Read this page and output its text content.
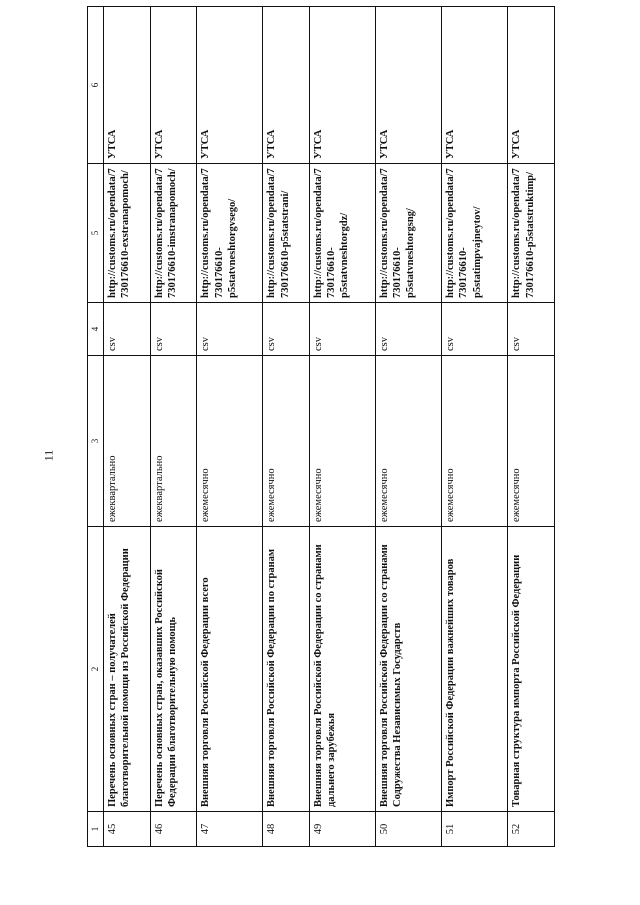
11
1	2	3	4	5	6
45	Перечень основных стран – получателей благотворительной помощи из Российской Федерации	ежеквартально	csv	http://customs.ru/opendata/7730176610-exstranapomoch/	УТСА
46	Перечень основных стран, оказавших Российской Федерации благотворительную помощь	ежеквартально	csv	http://customs.ru/opendata/7730176610-imstranapomoch/	УТСА
47	Внешняя торговля Российской Федерации всего	ежемесячно	csv	http://customs.ru/opendata/7730176610-p5statvneshtorgvsego/	УТСА
48	Внешняя торговля Российской Федерации по странам	ежемесячно	csv	http://customs.ru/opendata/7730176610-p5statstrani/	УТСА
49	Внешняя торговля Российской Федерации со странами дальнего зарубежья	ежемесячно	csv	http://customs.ru/opendata/7730176610-p5statvneshtorgdz/	УТСА
50	Внешняя торговля Российской Федерации со странами Содружества Независимых Государств	ежемесячно	csv	http://customs.ru/opendata/7730176610-p5statvneshtorgsng/	УТСА
51	Импорт Российской Федерации важнейших товаров	ежемесячно	csv	http://customs.ru/opendata/7730176610-p5statimpvajneytov/	УТСА
52	Товарная структура импорта Российской Федерации	ежемесячно	csv	http://customs.ru/opendata/7730176610-p5statstruktimp/	УТСА
